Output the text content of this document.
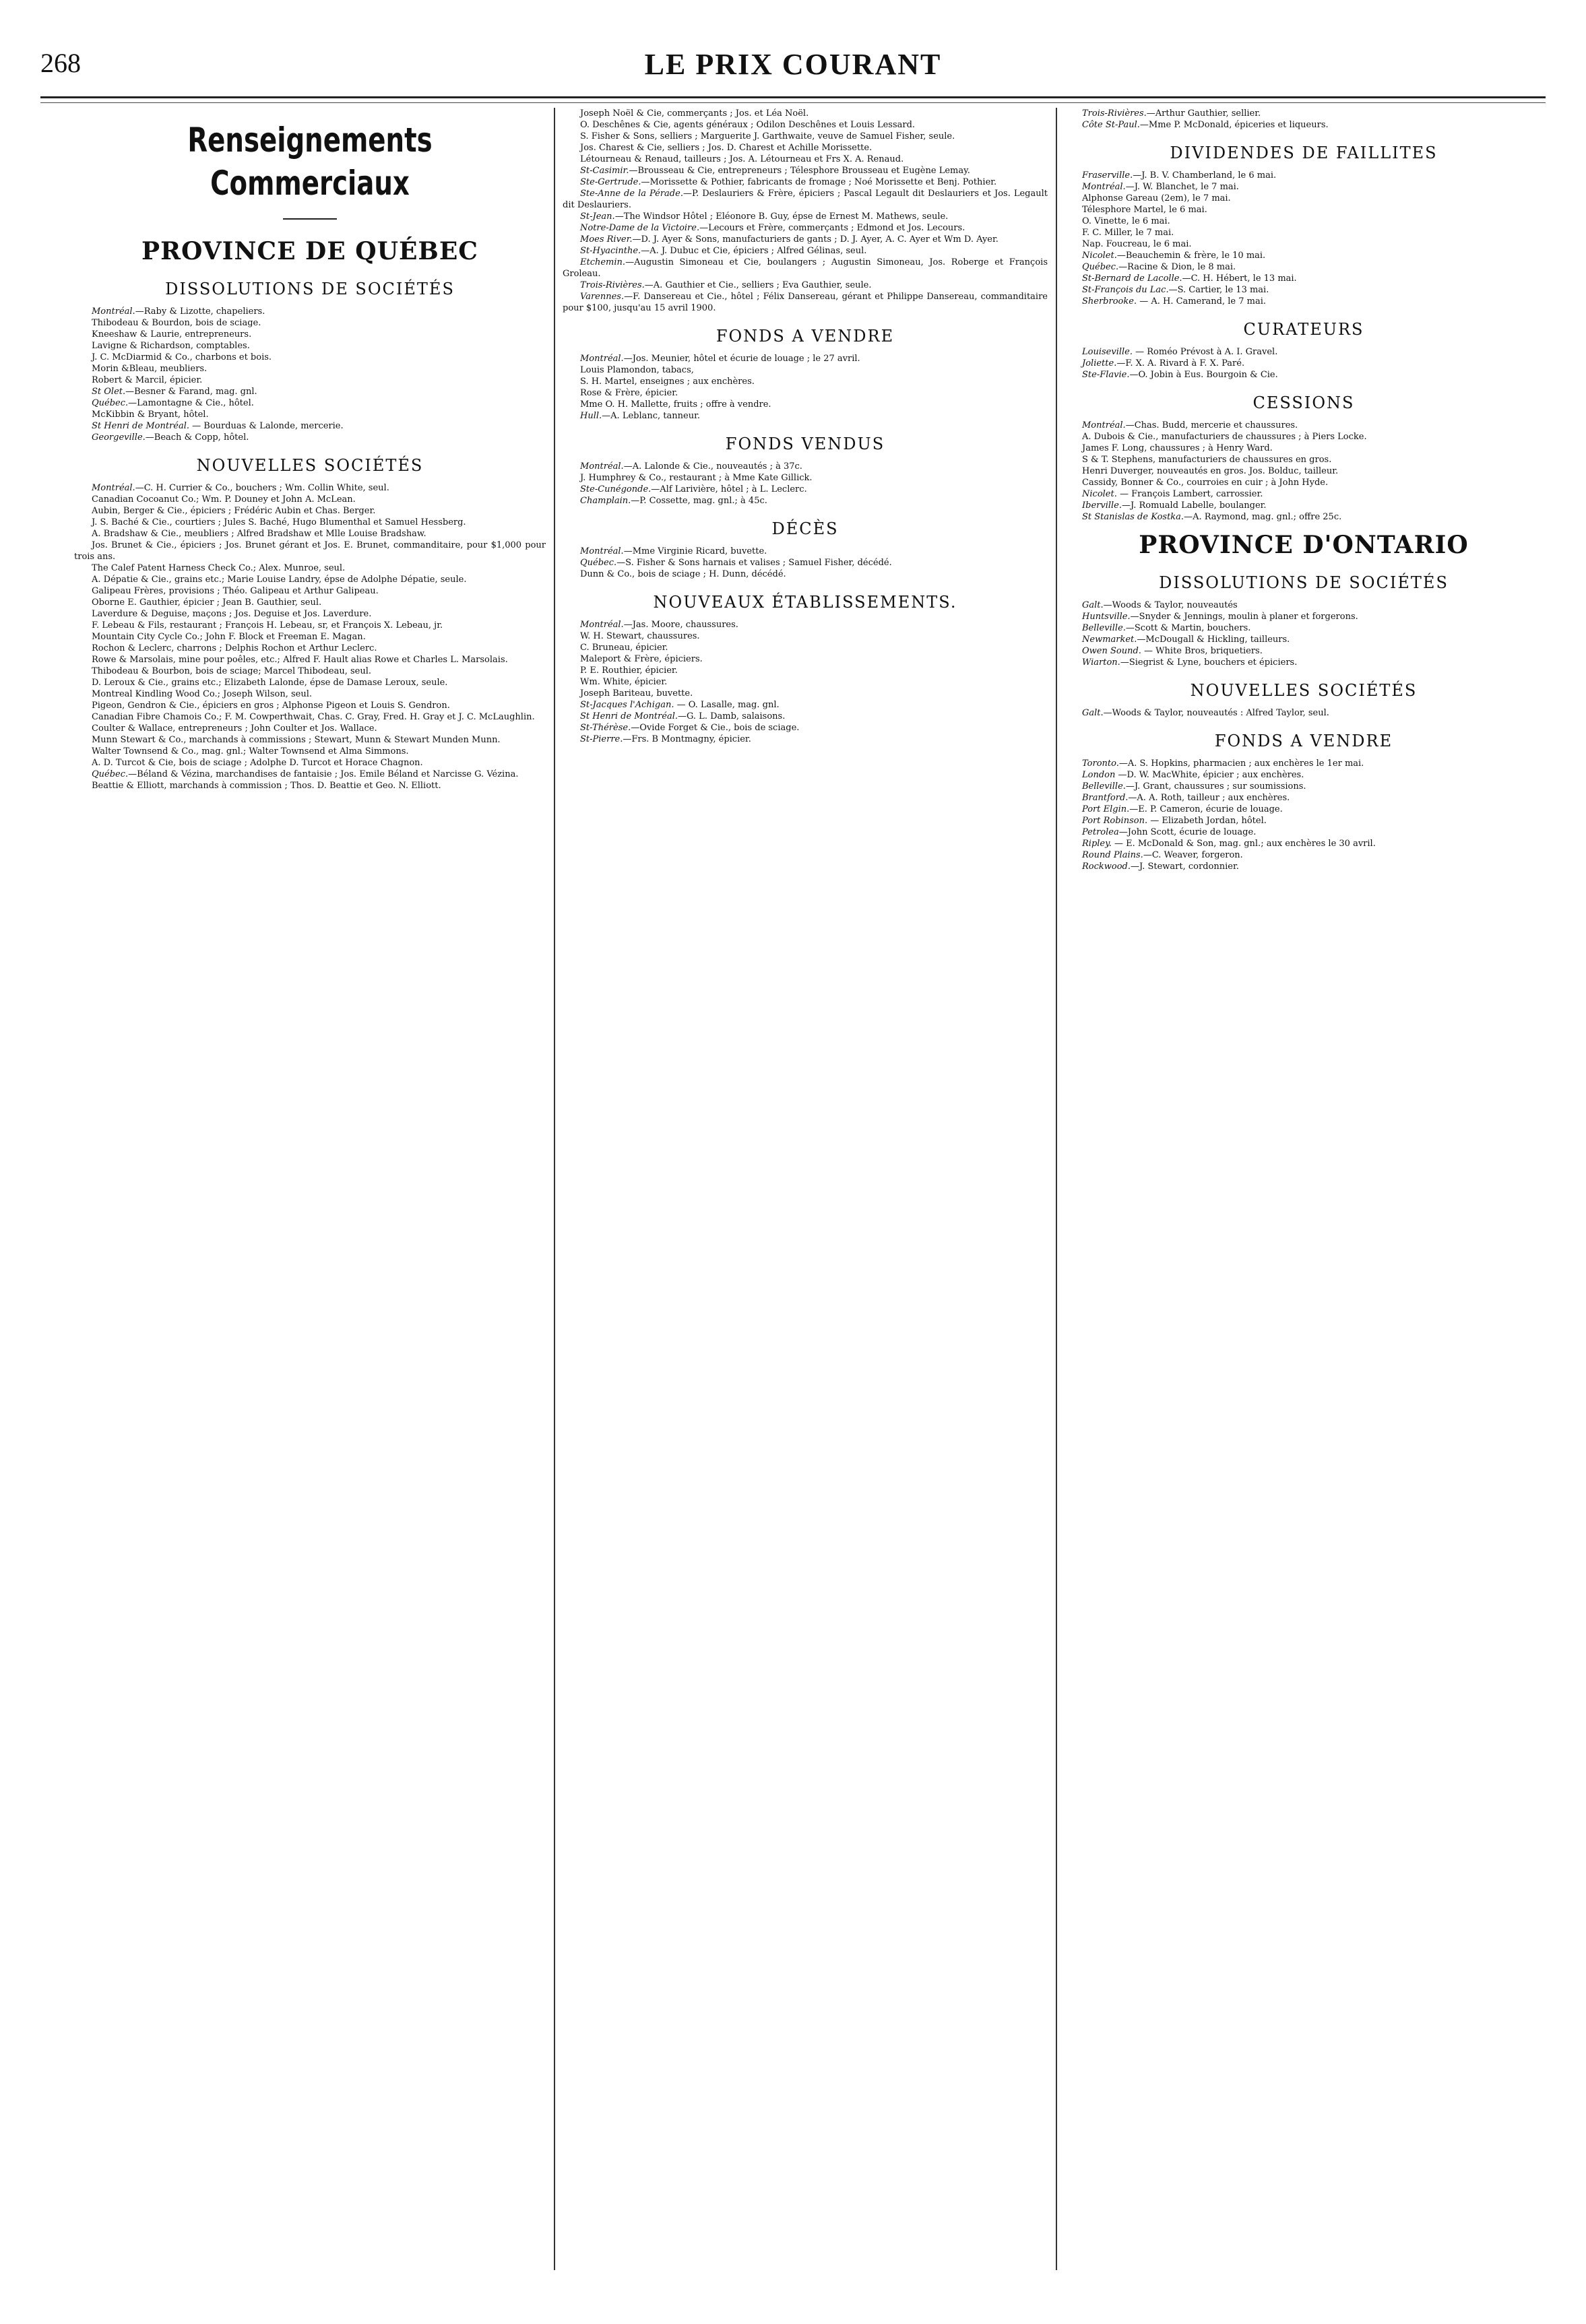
268	LE PRIX COURANT
Renseignements Commerciaux
PROVINCE DE QUÉBEC
DISSOLUTIONS DE SOCIÉTÉS

Montréal.—Raby & Lizotte, chapeliers.

Thibodeau & Bourdon, bois de sciage.

Kneeshaw & Laurie, entrepreneurs.

Lavigne & Richardson, comptables.

J. C. McDiarmid & Co., charbons et bois.

Morin &Bleau, meubliers.

Robert & Marcil, épicier.

St Olet.—Besner & Farand, mag. gnl.

Québec.—Lamontagne & Cie., hôtel.

McKibbin & Bryant, hôtel.

St Henri de Montréal. — Bourduas & Lalonde, mercerie.

Georgeville.—Beach & Copp, hôtel.

NOUVELLES SOCIÉTÉS

Montréal.—C. H. Currier & Co., bouchers ; Wm. Collin White, seul.

Canadian Cocoanut Co.; Wm. P. Douney et John A. McLean.

Aubin, Berger & Cie., épiciers ; Frédéric Aubin et Chas. Berger.

J. S. Baché & Cie., courtiers ; Jules S. Baché, Hugo Blumenthal et Samuel Hessberg.

A. Bradshaw & Cie., meubliers ; Alfred Bradshaw et Mlle Louise Bradshaw.

Jos. Brunet & Cie., épiciers ; Jos. Brunet gérant et Jos. E. Brunet, commanditaire, pour $1,000 pour trois ans.

The Calef Patent Harness Check Co.; Alex. Munroe, seul.

A. Dépatie & Cie., grains etc.; Marie Louise Landry, épse de Adolphe Dépatie, seule.

Galipeau Frères, provisions ; Théo. Galipeau et Arthur Galipeau.

Oborne E. Gauthier, épicier ; Jean B. Gauthier, seul.

Laverdure & Deguise, maçons ; Jos. Deguise et Jos. Laverdure.

F. Lebeau & Fils, restaurant ; François H. Lebeau, sr, et François X. Lebeau, jr.

Mountain City Cycle Co.; John F. Block et Freeman E. Magan.

Rochon & Leclerc, charrons ; Delphis Rochon et Arthur Leclerc.

Rowe & Marsolais, mine pour poêles, etc.; Alfred F. Hault alias Rowe et Charles L. Marsolais.

Thibodeau & Bourbon, bois de sciage; Marcel Thibodeau, seul.

D. Leroux & Cie., grains etc.; Elizabeth Lalonde, épse de Damase Leroux, seule.

Montreal Kindling Wood Co.; Joseph Wilson, seul.

Pigeon, Gendron & Cie., épiciers en gros ; Alphonse Pigeon et Louis S. Gendron.

Canadian Fibre Chamois Co.; F. M. Cowperthwait, Chas. C. Gray, Fred. H. Gray et J. C. McLaughlin.

Coulter & Wallace, entrepreneurs ; John Coulter et Jos. Wallace.

Munn Stewart & Co., marchands à commissions ; Stewart, Munn & Stewart Munden Munn.

Walter Townsend & Co., mag. gnl.; Walter Townsend et Alma Simmons.

A. D. Turcot & Cie, bois de sciage ; Adolphe D. Turcot et Horace Chagnon.

Québec.—Béland & Vézina, marchandises de fantaisie ; Jos. Emile Béland et Narcisse G. Vézina.

Beattie & Elliott, marchands à commission ; Thos. D. Beattie et Geo. N. Elliott.

Joseph Noël & Cie, commerçants ; Jos. et Léa Noël.

O. Deschênes & Cie, agents généraux ; Odilon Deschênes et Louis Lessard.

S. Fisher & Sons, selliers ; Marguerite J. Garthwaite, veuve de Samuel Fisher, seule.

Jos. Charest & Cie, selliers ; Jos. D. Charest et Achille Morissette.

Létourneau & Renaud, tailleurs ; Jos. A. Létourneau et Frs X. A. Renaud.

St-Casimir.—Brousseau & Cie, entrepreneurs ; Télesphore Brousseau et Eugène Lemay.

Ste-Gertrude.—Morissette & Pothier, fabricants de fromage ; Noé Morissette et Benj. Pothier.

Ste-Anne de la Pérade.—P. Deslauriers & Frère, épiciers ; Pascal Legault dit Deslauriers et Jos. Legault dit Deslauriers.

St-Jean.—The Windsor Hôtel ; Eléonore B. Guy, épse de Ernest M. Mathews, seule.

Notre-Dame de la Victoire.—Lecours et Frère, commerçants ; Edmond et Jos. Lecours.

Moes River.—D. J. Ayer & Sons, manufacturiers de gants ; D. J. Ayer, A. C. Ayer et Wm D. Ayer.

St-Hyacinthe.—A. J. Dubuc et Cie, épiciers ; Alfred Gélinas, seul.

Etchemin.—Augustin Simoneau et Cie, boulangers ; Augustin Simoneau, Jos. Roberge et François Groleau.

Trois-Rivières.—A. Gauthier et Cie., selliers ; Eva Gauthier, seule.

Varennes.—F. Dansereau et Cie., hôtel ; Félix Dansereau, gérant et Philippe Dansereau, commanditaire pour $100, jusqu'au 15 avril 1900.

FONDS A VENDRE

Montréal.—Jos. Meunier, hôtel et écurie de louage ; le 27 avril.

Louis Plamondon, tabacs,

S. H. Martel, enseignes ; aux enchères.

Rose & Frère, épicier.

Mme O. H. Mallette, fruits ; offre à vendre.

Hull.—A. Leblanc, tanneur.

FONDS VENDUS

Montréal.—A. Lalonde & Cie., nouveautés ; à 37c.

J. Humphrey & Co., restaurant ; à Mme Kate Gillick.

Ste-Cunégonde.—Alf Larivière, hôtel ; à L. Leclerc.

Champlain.—P. Cossette, mag. gnl.; à 45c.

DÉCÈS

Montréal.—Mme Virginie Ricard, buvette.

Québec.—S. Fisher & Sons harnais et valises ; Samuel Fisher, décédé.

Dunn & Co., bois de sciage ; H. Dunn, décédé.

NOUVEAUX ÉTABLISSEMENTS.

Montréal.—Jas. Moore, chaussures.

W. H. Stewart, chaussures.

C. Bruneau, épicier.

Maleport & Frère, épiciers.

P. E. Routhier, épicier.

Wm. White, épicier.

Joseph Bariteau, buvette.

St-Jacques l'Achigan. — O. Lasalle, mag. gnl.

St Henri de Montréal.—G. L. Damb, salaisons.

St-Thérèse.—Ovide Forget & Cie., bois de sciage.

St-Pierre.—Frs. B Montmagny, épicier.

Trois-Rivières.—Arthur Gauthier, sellier.

Côte St-Paul.—Mme P. McDonald, épiceries et liqueurs.

DIVIDENDES DE FAILLITES

Fraserville.—J. B. V. Chamberland, le 6 mai.

Montréal.—J. W. Blanchet, le 7 mai.

Alphonse Gareau (2em), le 7 mai.

Télesphore Martel, le 6 mai.

O. Vinette, le 6 mai.

F. C. Miller, le 7 mai.

Nap. Foucreau, le 6 mai.

Nicolet.—Beauchemin & frère, le 10 mai.

Québec.—Racine & Dion, le 8 mai.

St-Bernard de Lacolle.—C. H. Hébert, le 13 mai.

St-François du Lac.—S. Cartier, le 13 mai.

Sherbrooke. — A. H. Camerand, le 7 mai.

CURATEURS

Louiseville. — Roméo Prévost à A. I. Gravel.

Joliette.—F. X. A. Rivard à F. X. Paré.

Ste-Flavie.—O. Jobin à Eus. Bourgoin & Cie.

CESSIONS

Montréal.—Chas. Budd, mercerie et chaussures.

A. Dubois & Cie., manufacturiers de chaussures ; à Piers Locke.

James F. Long, chaussures ; à Henry Ward.

S & T. Stephens, manufacturiers de chaussures en gros.

Henri Duverger, nouveautés en gros. Jos. Bolduc, tailleur.

Cassidy, Bonner & Co., courroies en cuir ; à John Hyde.

Nicolet. — François Lambert, carrossier.

Iberville.—J. Romuald Labelle, boulanger.

St Stanislas de Kostka.—A. Raymond, mag. gnl.; offre 25c.

PROVINCE D'ONTARIO
DISSOLUTIONS DE SOCIÉTÉS

Galt.—Woods & Taylor, nouveautés

Huntsville.—Snyder & Jennings, moulin à planer et forgerons.

Belleville.—Scott & Martin, bouchers.

Newmarket.—McDougall & Hickling, tailleurs.

Owen Sound. — White Bros, briquetiers.

Wiarton.—Siegrist & Lyne, bouchers et épiciers.

NOUVELLES SOCIÉTÉS

Galt.—Woods & Taylor, nouveautés : Alfred Taylor, seul.

FONDS A VENDRE

Toronto.—A. S. Hopkins, pharmacien ; aux enchères le 1er mai.

London —D. W. MacWhite, épicier ; aux enchères.

Belleville.—J. Grant, chaussures ; sur soumissions.

Brantford.—A. A. Roth, tailleur ; aux enchères.

Port Elgin.—E. P. Cameron, écurie de louage.

Port Robinson. — Elizabeth Jordan, hôtel.

Petrolea—John Scott, écurie de louage.

Ripley. — E. McDonald & Son, mag. gnl.; aux enchères le 30 avril.

Round Plains.—C. Weaver, forgeron.

Rockwood.—J. Stewart, cordonnier.
